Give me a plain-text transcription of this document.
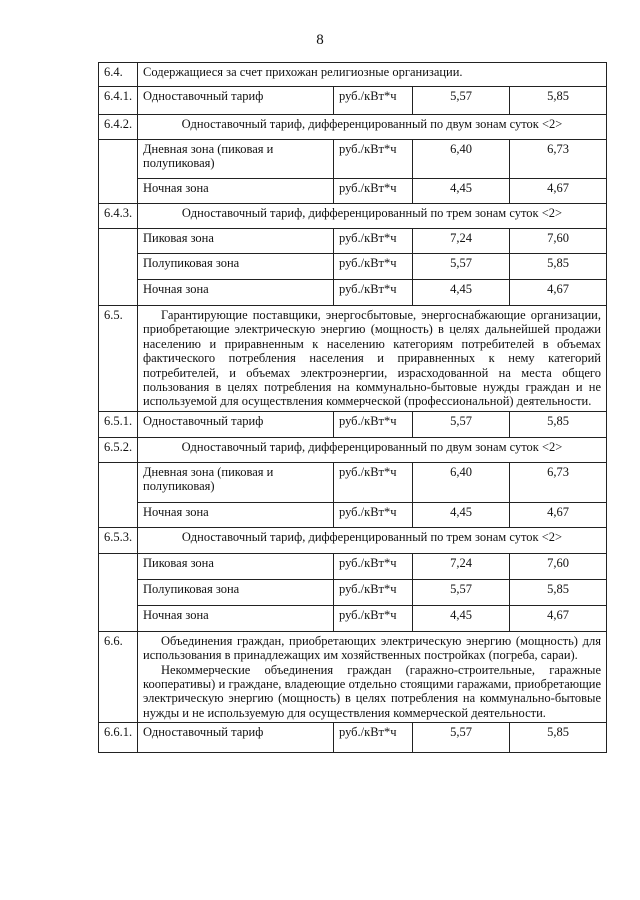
8
6.4.	Содержащиеся за счет прихожан религиозные организации.			
6.4.1.	Одноставочный тариф	руб./кВт*ч	5,57	5,85
6.4.2.	Одноставочный тариф, дифференцированный по двум зонам суток <2>			
	Дневная зона (пиковая и полупиковая)	руб./кВт*ч	6,40	6,73
	Ночная зона	руб./кВт*ч	4,45	4,67
6.4.3.	Одноставочный тариф, дифференцированный по трем зонам суток <2>			
	Пиковая зона	руб./кВт*ч	7,24	7,60
	Полупиковая зона	руб./кВт*ч	5,57	5,85
	Ночная зона	руб./кВт*ч	4,45	4,67
6.5.	Гарантирующие поставщики, энергосбытовые, энергоснабжающие организации, приобретающие электрическую энергию (мощность) в целях дальнейшей продажи населению и приравненным к населению категориям потребителей в объемах фактического потребления населения и приравненных к нему категорий потребителей, и объемах электроэнергии, израсходованной на места общего пользования в целях потребления на коммунально-бытовые нужды граждан и не используемой для осуществления коммерческой (профессиональной) деятельности.			
6.5.1.	Одноставочный тариф	руб./кВт*ч	5,57	5,85
6.5.2.	Одноставочный тариф, дифференцированный по двум зонам суток <2>			
	Дневная зона (пиковая и полупиковая)	руб./кВт*ч	6,40	6,73
	Ночная зона	руб./кВт*ч	4,45	4,67
6.5.3.	Одноставочный тариф, дифференцированный по трем зонам суток <2>			
	Пиковая зона	руб./кВт*ч	7,24	7,60
	Полупиковая зона	руб./кВт*ч	5,57	5,85
	Ночная зона	руб./кВт*ч	4,45	4,67
6.6.	Объединения граждан, приобретающих электрическую энергию (мощность) для использования в принадлежащих им хозяйственных постройках (погреба, сараи).

Некоммерческие объединения граждан (гаражно-строительные, гаражные кооперативы) и граждане, владеющие отдельно стоящими гаражами, приобретающие электрическую энергию (мощность) в целях потребления на коммунально-бытовые нужды и не используемую для осуществления коммерческой деятельности.			

6.6.1.	Одноставочный тариф	руб./кВт*ч	5,57	5,85
